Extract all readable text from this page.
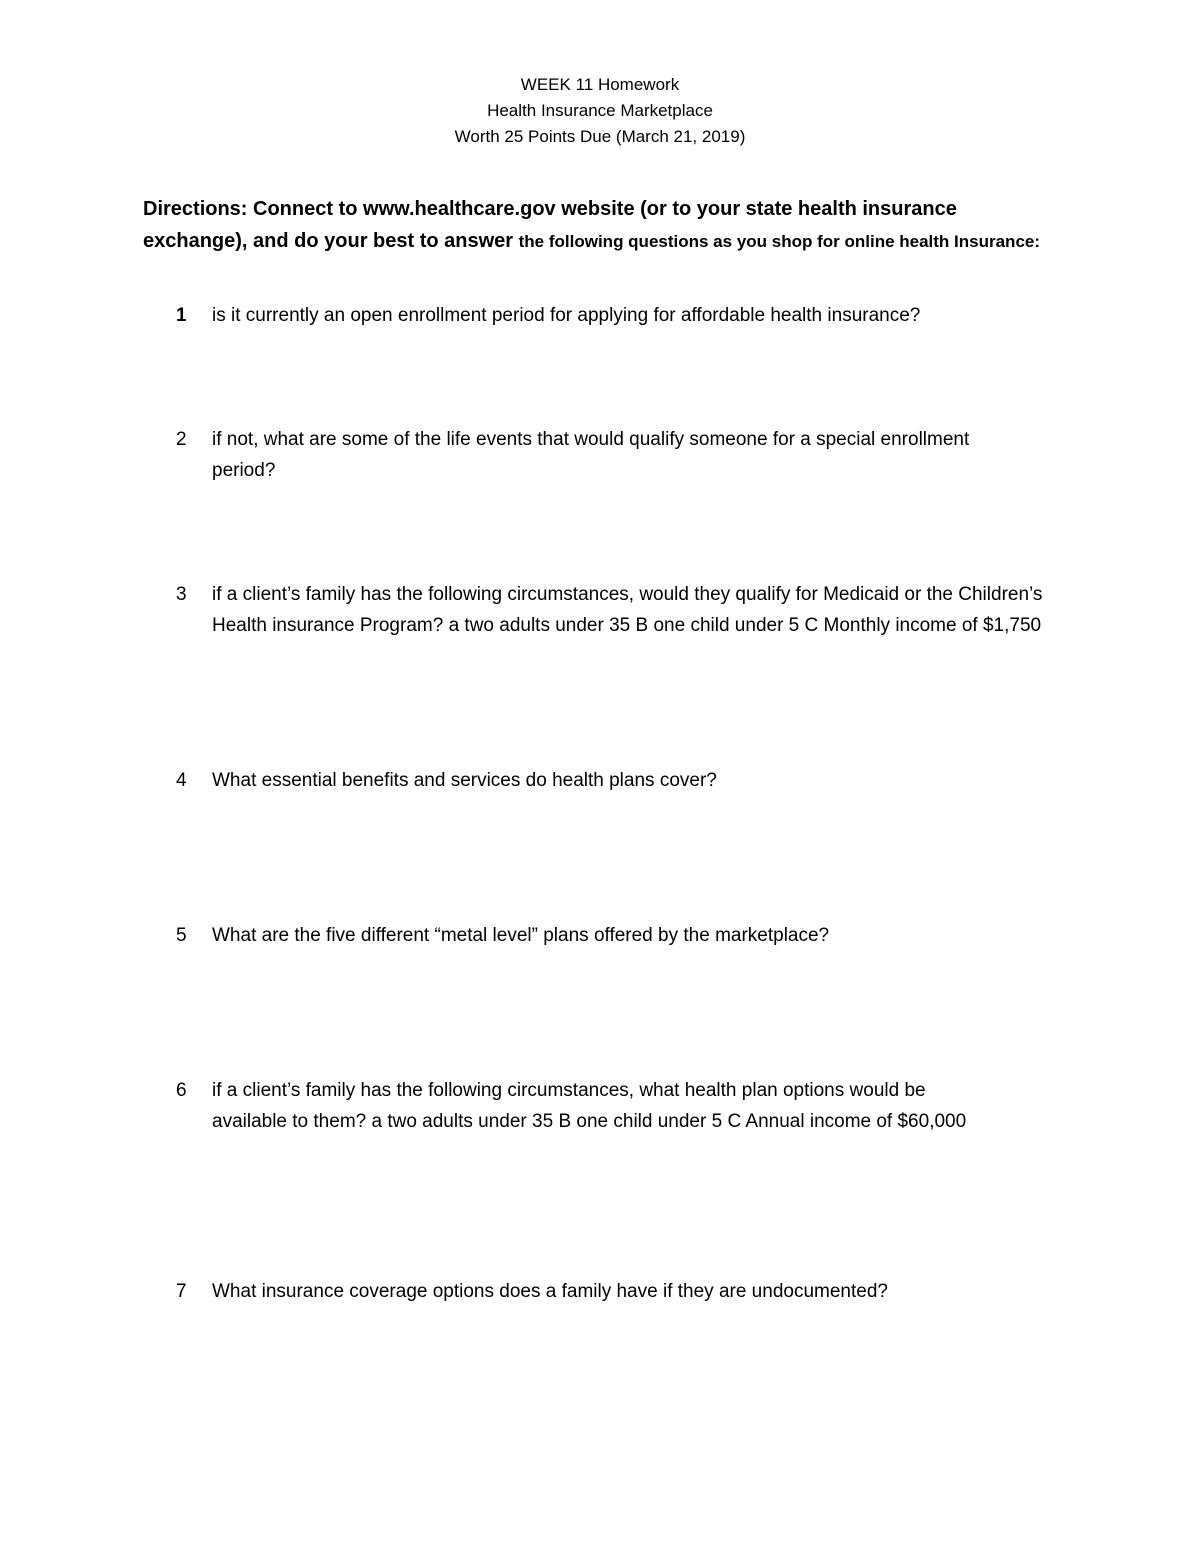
WEEK 11 Homework
Health Insurance Marketplace
Worth 25 Points Due (March 21, 2019)
Directions: Connect to www.healthcare.gov website (or to your state health insurance exchange), and do your best to answer the following questions as you shop for online health Insurance:
1 is it currently an open enrollment period for applying for affordable health insurance?
2 if not, what are some of the life events that would qualify someone for a special enrollment period?
3 if a client’s family has the following circumstances, would they qualify for Medicaid or the Children’s Health insurance Program? a two adults under 35 B one child under 5 C Monthly income of $1,750
4 What essential benefits and services do health plans cover?
5 What are the five different “metal level” plans offered by the marketplace?
6 if a client’s family has the following circumstances, what health plan options would be available to them? a two adults under 35 B one child under 5 C Annual income of $60,000
7 What insurance coverage options does a family have if they are undocumented?
